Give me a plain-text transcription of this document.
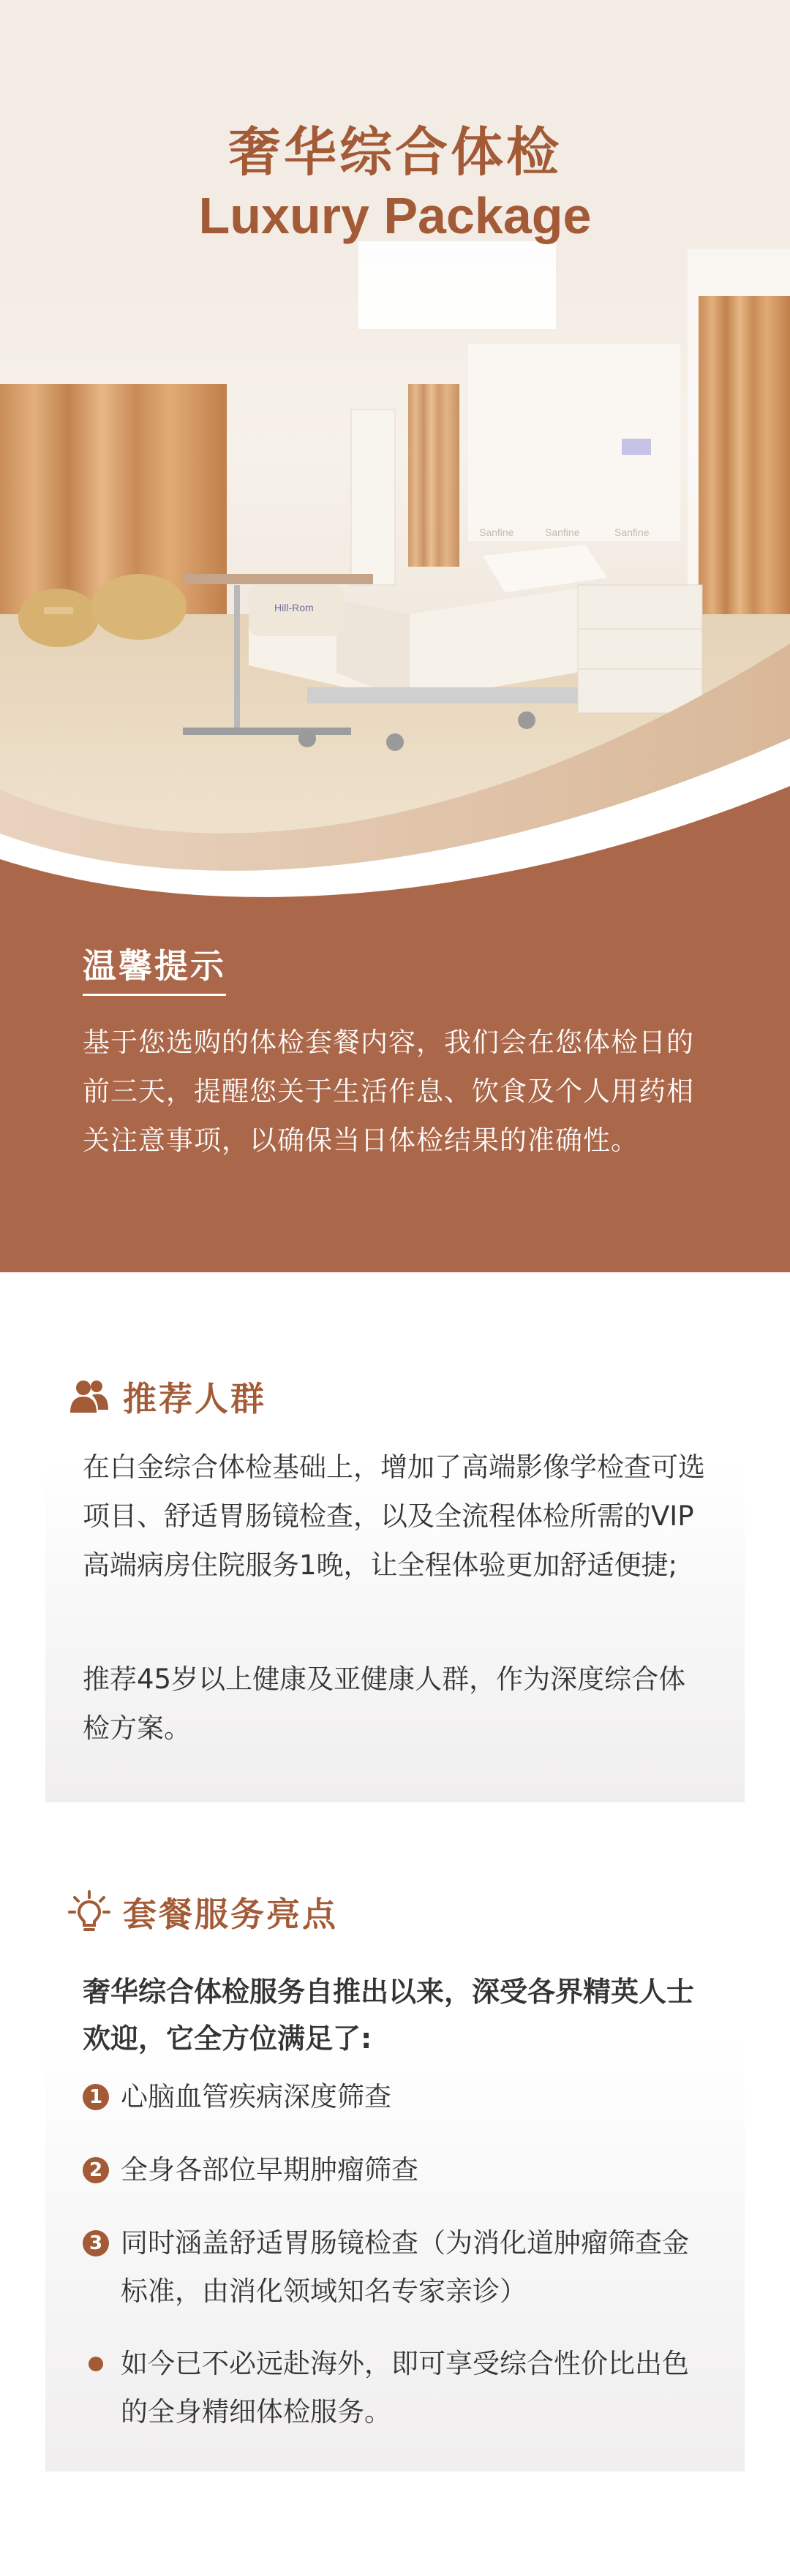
Sanfine	Sanfine	Sanfine
Hill-Rom
奢华综合体检
Luxury Package
温馨提示

基于您选购的体检套餐内容，我们会在您体检日的前三天，提醒您关于生活作息、饮食及个人用药相关注意事项，以确保当日体检结果的准确性。

推荐人群

在白金综合体检基础上，增加了高端影像学检查可选项目、舒适胃肠镜检查，以及全流程体检所需的VIP高端病房住院服务1晚，让全程体验更加舒适便捷;

推荐45岁以上健康及亚健康人群，作为深度综合体检方案。

套餐服务亮点

奢华综合体检服务自推出以来，深受各界精英人士欢迎，它全方位满足了:

1 心脑血管疾病深度筛查
2 全身各部位早期肿瘤筛查
3 同时涵盖舒适胃肠镜检查（为消化道肿瘤筛查金标准，由消化领域知名专家亲诊）
如今已不必远赴海外，即可享受综合性价比出色的全身精细体检服务。
